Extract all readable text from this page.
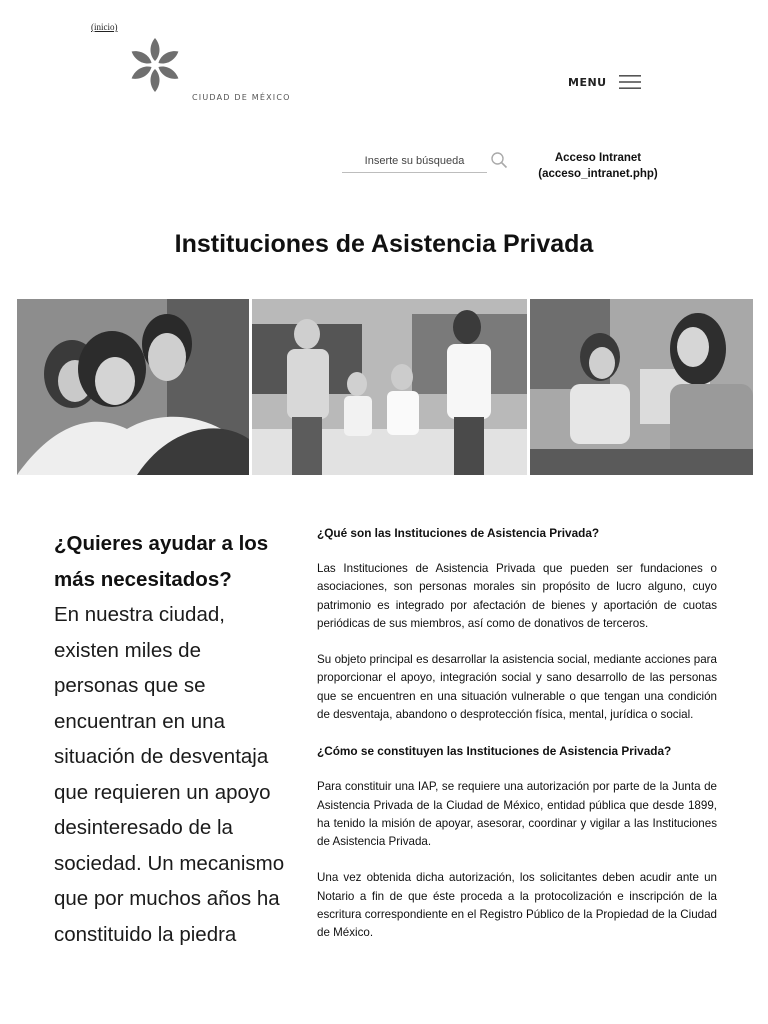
(inicio)
CIUDAD DE MÉXICO
MENU
Inserte su búsqueda
Acceso Intranet
(acceso_intranet.php)
Instituciones de Asistencia Privada

¿Quieres ayudar a los más necesitados?
En nuestra ciudad, existen miles de personas que se encuentran en una situación de desventaja que requieren un apoyo desinteresado de la sociedad. Un mecanismo que por muchos años ha constituido la piedra

¿Qué son las Instituciones de Asistencia Privada?

Las Instituciones de Asistencia Privada que pueden ser fundaciones o asociaciones, son personas morales sin propósito de lucro alguno, cuyo patrimonio es integrado por afectación de bienes y aportación de cuotas periódicas de sus miembros, así como de donativos de terceros.

Su objeto principal es desarrollar la asistencia social, mediante acciones para proporcionar el apoyo, integración social y sano desarrollo de las personas que se encuentren en una situación vulnerable o que tengan una condición de desventaja, abandono o desprotección física, mental, jurídica o social.

¿Cómo se constituyen las Instituciones de Asistencia Privada?

Para constituir una IAP, se requiere una autorización por parte de la Junta de Asistencia Privada de la Ciudad de México, entidad pública que desde 1899, ha tenido la misión de apoyar, asesorar, coordinar y vigilar a las Instituciones de Asistencia Privada.

Una vez obtenida dicha autorización, los solicitantes deben acudir ante un Notario a fin de que éste proceda a la protocolización e inscripción de la escritura correspondiente en el Registro Público de la Propiedad de la Ciudad de México.
